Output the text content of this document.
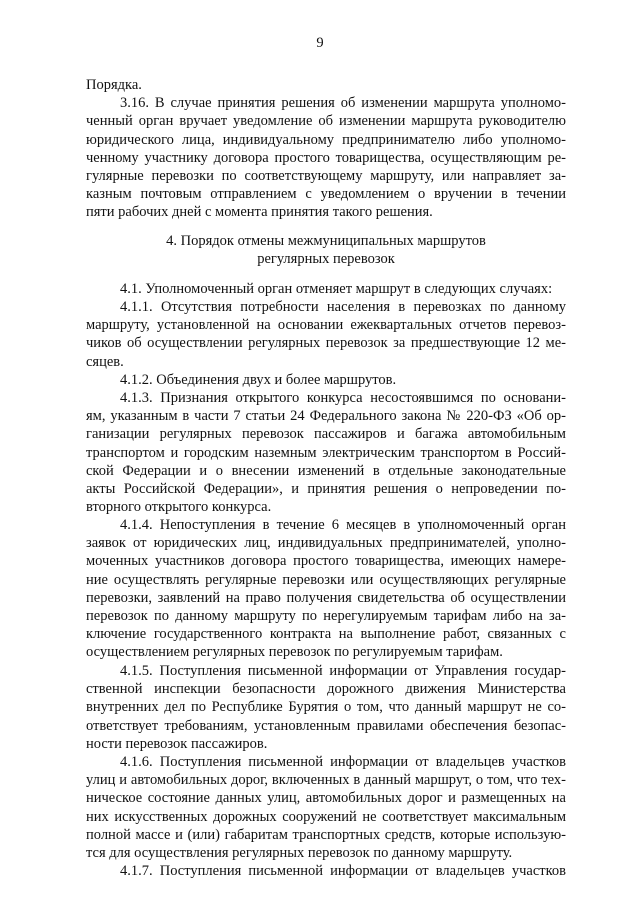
9
Порядка.
3.16. В случае принятия решения об изменении маршрута уполномо-
ченный орган вручает уведомление об изменении маршрута руководителю
юридического лица, индивидуальному предпринимателю либо уполномо-
ченному участнику договора простого товарищества, осуществляющим ре-
гулярные перевозки по соответствующему маршруту, или направляет за-
казным почтовым отправлением с уведомлением о вручении в течении
пяти рабочих дней с момента принятия такого решения.
4. Порядок отмены межмуниципальных маршрутов
регулярных перевозок
4.1. Уполномоченный орган отменяет маршрут в следующих случаях:
4.1.1. Отсутствия потребности населения в перевозках по данному
маршруту, установленной на основании ежеквартальных отчетов перевоз-
чиков об осуществлении регулярных перевозок за предшествующие 12 ме-
сяцев.
4.1.2. Объединения двух и более маршрутов.
4.1.3. Признания открытого конкурса несостоявшимся по основани-
ям, указанным в части 7 статьи 24 Федерального закона № 220-ФЗ «Об ор-
ганизации регулярных перевозок пассажиров и багажа автомобильным
транспортом и городским наземным электрическим транспортом в Россий-
ской Федерации и о внесении изменений в отдельные законодательные
акты Российской Федерации», и принятия решения о непроведении по-
вторного открытого конкурса.
4.1.4. Непоступления в течение 6 месяцев в уполномоченный орган
заявок от юридических лиц, индивидуальных предпринимателей, уполно-
моченных участников договора простого товарищества, имеющих намере-
ние осуществлять регулярные перевозки или осуществляющих регулярные
перевозки, заявлений на право получения свидетельства об осуществлении
перевозок по данному маршруту по нерегулируемым тарифам либо на за-
ключение государственного контракта на выполнение работ, связанных с
осуществлением регулярных перевозок по регулируемым тарифам.
4.1.5. Поступления письменной информации от Управления государ-
ственной инспекции безопасности дорожного движения Министерства
внутренних дел по Республике Бурятия о том, что данный маршрут не со-
ответствует требованиям, установленным правилами обеспечения безопас-
ности перевозок пассажиров.
4.1.6. Поступления письменной информации от владельцев участков
улиц и автомобильных дорог, включенных в данный маршрут, о том, что тех-
ническое состояние данных улиц, автомобильных дорог и размещенных на
них искусственных дорожных сооружений не соответствует максимальным
полной массе и (или) габаритам транспортных средств, которые использую-
тся для осуществления регулярных перевозок по данному маршруту.
4.1.7. Поступления письменной информации от владельцев участков
